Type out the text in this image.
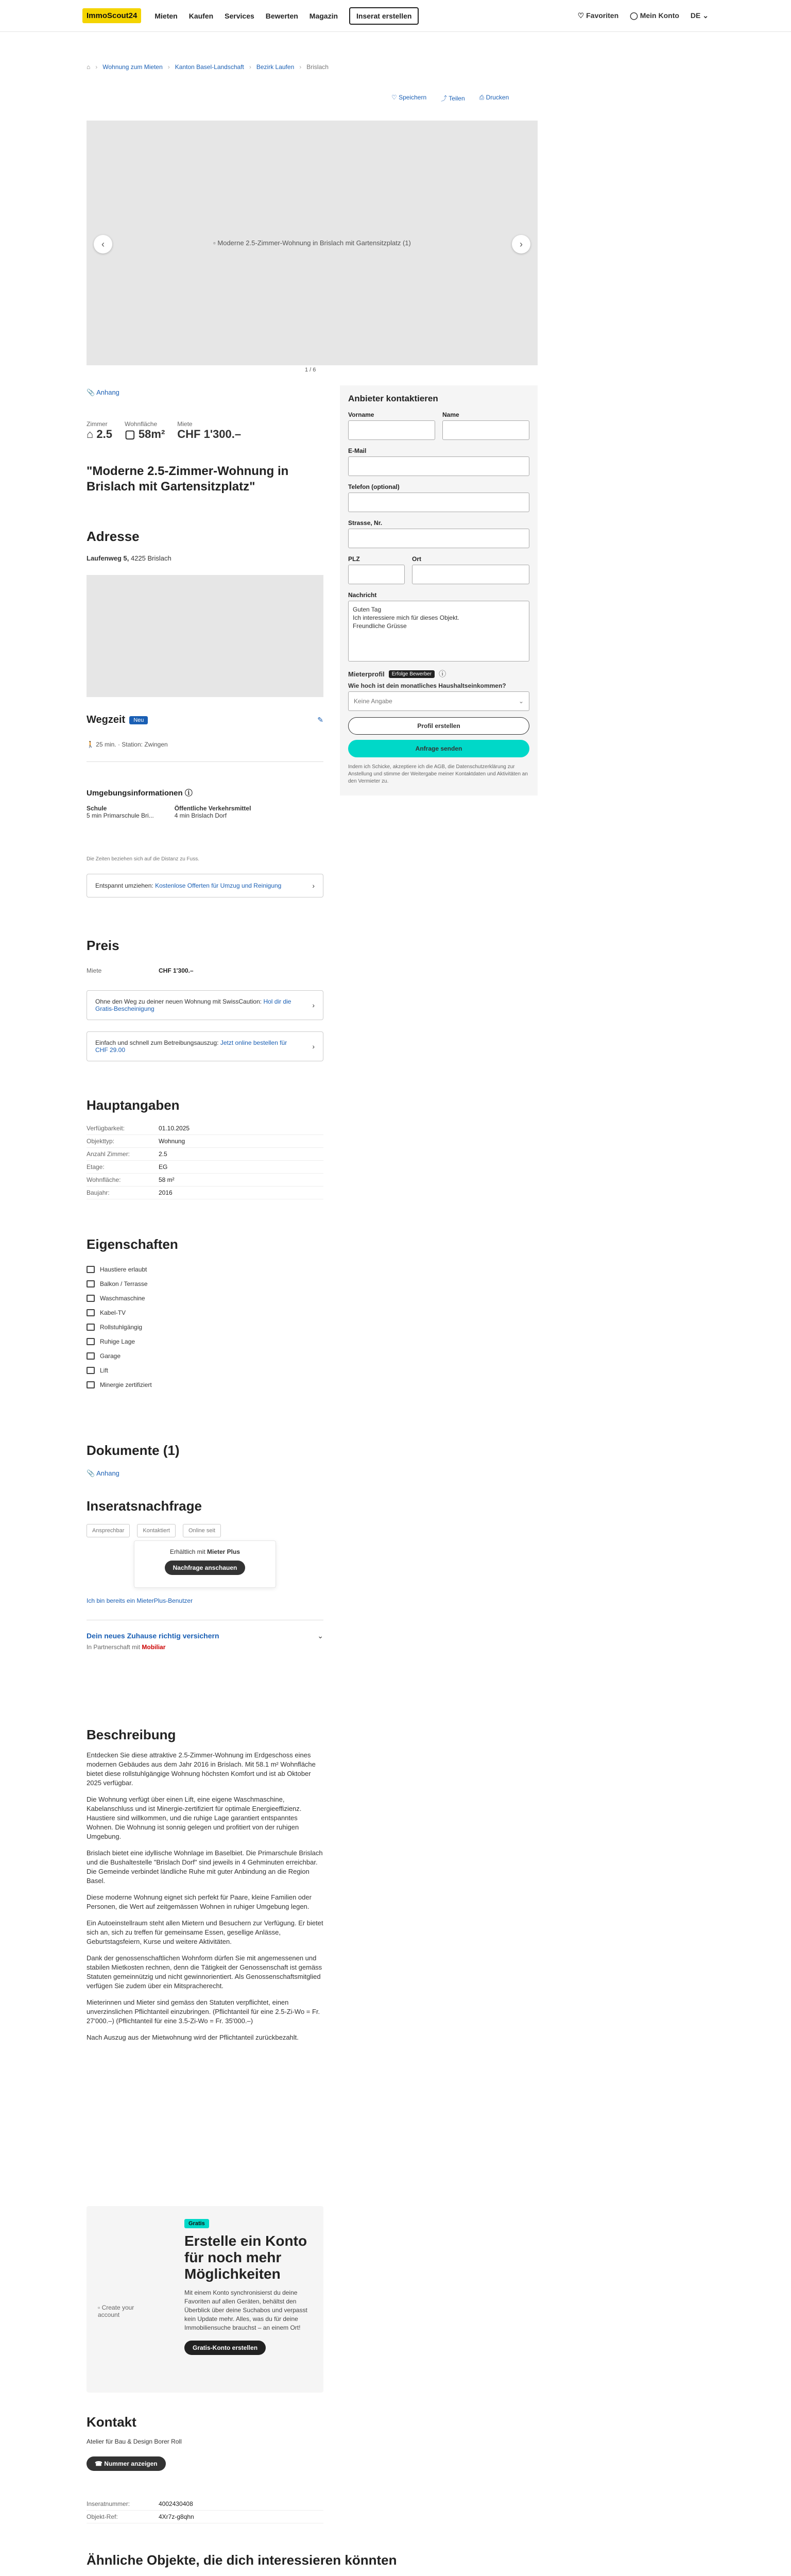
ImmoScout24	Mieten Kaufen Services Bewerten Magazin	Inserat erstellen	♡ Favoriten ◯ Mein Konto DE ⌄
⌂ › Wohnung zum Mieten › Kanton Basel-Landschaft › Bezirk Laufen › Brislach
♡ Speichern ⤴ Teilen ⎙ Drucken
▫ Moderne 2.5-Zimmer-Wohnung in Brislach mit Gartensitzplatz (1)
‹	›
1 / 6
📎 Anhang
Zimmer
⌂ 2.5
Wohnfläche
▢ 58m²
Miete
CHF 1'300.–
"Moderne 2.5-Zimmer-Wohnung in Brislach mit Gartensitzplatz"
Adresse
Laufenweg 5, 4225 Brislach
Wegzeit	Neu	✎
🚶 25 min. · Station: Zwingen
Umgebungsinformationen ⓘ
Schule
5 min Primarschule Bri...
Öffentliche Verkehrsmittel
4 min Brislach Dorf
Die Zeiten beziehen sich auf die Distanz zu Fuss.
Entspannt umziehen: Kostenlose Offerten für Umzug und Reinigung	›
Preis
Miete	CHF 1'300.–
Ohne den Weg zu deiner neuen Wohnung mit SwissCaution: Hol dir die Gratis-Bescheinigung	›
Einfach und schnell zum Betreibungsauszug: Jetzt online bestellen für CHF 29.00	›
Hauptangaben
Verfügbarkeit:	01.10.2025
Objekttyp:	Wohnung
Anzahl Zimmer:	2.5
Etage:	EG
Wohnfläche:	58 m²
Baujahr:	2016
Eigenschaften
Haustiere erlaubt
Balkon / Terrasse
Waschmaschine
Kabel-TV
Rollstuhlgängig
Ruhige Lage
Garage
Lift
Minergie zertifiziert
Dokumente (1)
📎 Anhang
Inseratsnachfrage
Ansprechbar	Kontaktiert	Online seit
Erhältlich mit Mieter Plus
Nachfrage anschauen
Ich bin bereits ein MieterPlus-Benutzer
Dein neues Zuhause richtig versichern	⌄
In Partnerschaft mit Mobiliar
Beschreibung

Entdecken Sie diese attraktive 2.5-Zimmer-Wohnung im Erdgeschoss eines modernen Gebäudes aus dem Jahr 2016 in Brislach. Mit 58.1 m² Wohnfläche bietet diese rollstuhlgängige Wohnung höchsten Komfort und ist ab Oktober 2025 verfügbar.

Die Wohnung verfügt über einen Lift, eine eigene Waschmaschine, Kabelanschluss und ist Minergie-zertifiziert für optimale Energieeffizienz. Haustiere sind willkommen, und die ruhige Lage garantiert entspanntes Wohnen. Die Wohnung ist sonnig gelegen und profitiert von der ruhigen Umgebung.

Brislach bietet eine idyllische Wohnlage im Baselbiet. Die Primarschule Brislach und die Bushaltestelle "Brislach Dorf" sind jeweils in 4 Gehminuten erreichbar. Die Gemeinde verbindet ländliche Ruhe mit guter Anbindung an die Region Basel.

Diese moderne Wohnung eignet sich perfekt für Paare, kleine Familien oder Personen, die Wert auf zeitgemässen Wohnen in ruhiger Umgebung legen.

Ein Autoeinstellraum steht allen Mietern und Besuchern zur Verfügung. Er bietet sich an, sich zu treffen für gemeinsame Essen, gesellige Anlässe, Geburtstagsfeiern, Kurse und weitere Aktivitäten.

Dank der genossenschaftlichen Wohnform dürfen Sie mit angemessenen und stabilen Mietkosten rechnen, denn die Tätigkeit der Genossenschaft ist gemäss Statuten gemeinnützig und nicht gewinnorientiert. Als Genossenschaftsmitglied verfügen Sie zudem über ein Mitspracherecht.

Mieterinnen und Mieter sind gemäss den Statuten verpflichtet, einen unverzinslichen Pflichtanteil einzubringen. (Pflichtanteil für eine 2.5-Zi-Wo = Fr. 27'000.–) (Pflichtanteil für eine 3.5-Zi-Wo = Fr. 35'000.–)

Nach Auszug aus der Mietwohnung wird der Pflichtanteil zurückbezahlt.

▫ Create your account
Gratis
Erstelle ein Konto für noch mehr Möglichkeiten

Mit einem Konto synchronisierst du deine Favoriten auf allen Geräten, behältst den Überblick über deine Suchabos und verpasst kein Update mehr. Alles, was du für deine Immobiliensuche brauchst – an einem Ort!

Gratis-Konto erstellen
Kontakt
Atelier für Bau & Design Borer Roll
☎ Nummer anzeigen
Inseratnummer:	4002430408
Objekt-Ref:	4Xr7z-g8qhn
Anbieter kontaktieren
Vorname	Name
E-Mail
Telefon (optional)
Strasse, Nr.
PLZ	Ort
Nachricht
Guten Tag
Ich interessiere mich für dieses Objekt.
Freundliche Grüsse
Mieterprofil	Erfolge Bewerber	ⓘ
Wie hoch ist dein monatliches Haushaltseinkommen?
Keine Angabe	⌄
Profil erstellen
Anfrage senden

Indem ich Schicke, akzeptiere ich die AGB, die Datenschutzerklärung zur Anstellung und stimme der Weitergabe meiner Kontaktdaten und Aktivitäten an den Vermieter zu.

Ähnliche Objekte, die dich interessieren könnten
